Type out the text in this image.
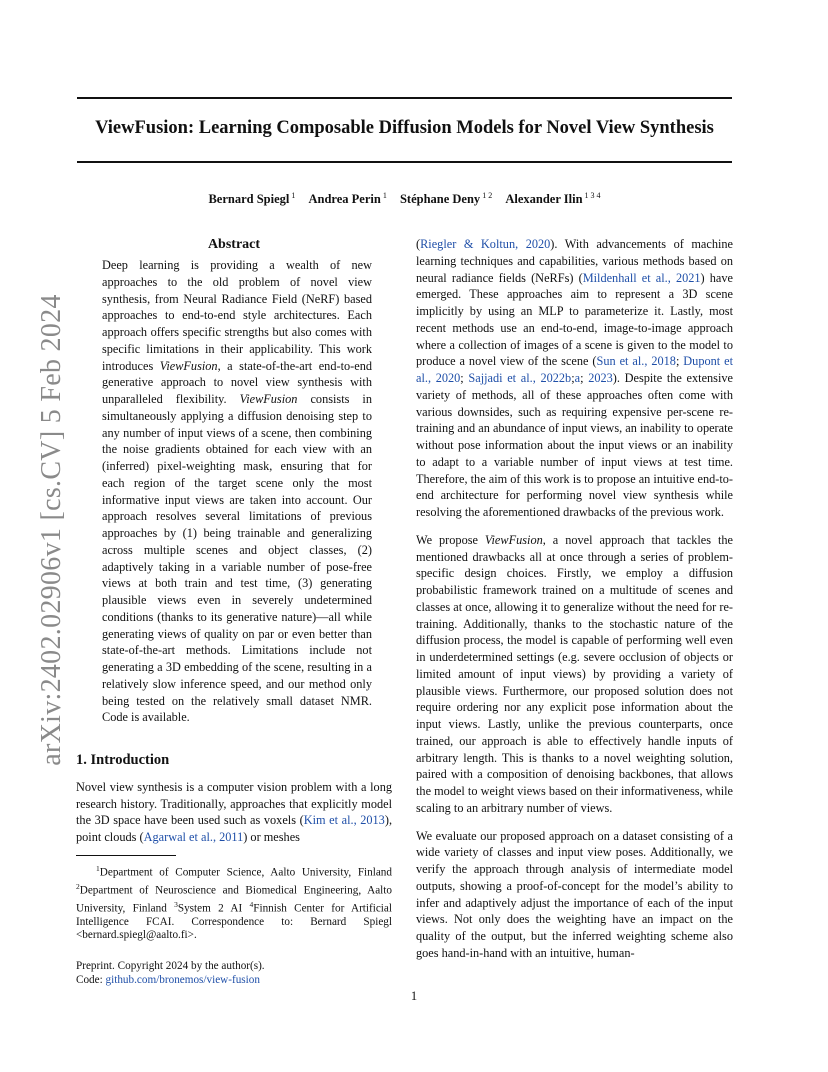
arXiv:2402.02906v1 [cs.CV] 5 Feb 2024
ViewFusion: Learning Composable Diffusion Models for Novel View Synthesis
Bernard Spiegl $^1$ Andrea Perin $^1$ Stéphane Deny $^{1 2}$ Alexander Ilin $^{1 3 4}$
Abstract

Deep learning is providing a wealth of new approaches to the old problem of novel view synthesis, from Neural Radiance Field (NeRF) based approaches to end-to-end style architectures. Each approach offers specific strengths but also comes with specific limitations in their applicability. This work introduces ViewFusion, a state-of-the-art end-to-end generative approach to novel view synthesis with unparalleled flexibility. ViewFusion consists in simultaneously applying a diffusion denoising step to any number of input views of a scene, then combining the noise gradients obtained for each view with an (inferred) pixel-weighting mask, ensuring that for each region of the target scene only the most informative input views are taken into account. Our approach resolves several limitations of previous approaches by (1) being trainable and generalizing across multiple scenes and object classes, (2) adaptively taking in a variable number of pose-free views at both train and test time, (3) generating plausible views even in severely undetermined conditions (thanks to its generative nature)—all while generating views of quality on par or even better than state-of-the-art methods. Limitations include not generating a 3D embedding of the scene, resulting in a relatively slow inference speed, and our method only being tested on the relatively small dataset NMR. Code is available.

1. Introduction

Novel view synthesis is a computer vision problem with a long research history. Traditionally, approaches that explicitly model the 3D space have been used such as voxels (Kim et al., 2013), point clouds (Agarwal et al., 2011) or meshes

$^1$Department of Computer Science, Aalto University, Finland $^2$Department of Neuroscience and Biomedical Engineering, Aalto University, Finland $^3$System 2 AI $^4$Finnish Center for Artificial Intelligence FCAI. Correspondence to: Bernard Spiegl <bernard.spiegl@aalto.fi>.

Preprint. Copyright 2024 by the author(s).
Code: github.com/bronemos/view-fusion

(Riegler & Koltun, 2020). With advancements of machine learning techniques and capabilities, various methods based on neural radiance fields (NeRFs) (Mildenhall et al., 2021) have emerged. These approaches aim to represent a 3D scene implicitly by using an MLP to parameterize it. Lastly, most recent methods use an end-to-end, image-to-image approach where a collection of images of a scene is given to the model to produce a novel view of the scene (Sun et al., 2018; Dupont et al., 2020; Sajjadi et al., 2022b;a; 2023). Despite the extensive variety of methods, all of these approaches often come with various downsides, such as requiring expensive per-scene re-training and an abundance of input views, an inability to operate without pose information about the input views or an inability to adapt to a variable number of input views at test time. Therefore, the aim of this work is to propose an intuitive end-to-end architecture for performing novel view synthesis while resolving the aforementioned drawbacks of the previous work.

We propose ViewFusion, a novel approach that tackles the mentioned drawbacks all at once through a series of problem-specific design choices. Firstly, we employ a diffusion probabilistic framework trained on a multitude of scenes and classes at once, allowing it to generalize without the need for re-training. Additionally, thanks to the stochastic nature of the diffusion process, the model is capable of performing well even in underdetermined settings (e.g. severe occlusion of objects or limited amount of input views) by providing a variety of plausible views. Furthermore, our proposed solution does not require ordering nor any explicit pose information about the input views. Lastly, unlike the previous counterparts, once trained, our approach is able to effectively handle inputs of arbitrary length. This is thanks to a novel weighting solution, paired with a composition of denoising backbones, that allows the model to weight views based on their informativeness, while scaling to an arbitrary number of views.

We evaluate our proposed approach on a dataset consisting of a wide variety of classes and input view poses. Additionally, we verify the approach through analysis of intermediate model outputs, showing a proof-of-concept for the model’s ability to infer and adaptively adjust the importance of each of the input views. Not only does the weighting have an impact on the quality of the output, but the inferred weighting scheme also goes hand-in-hand with an intuitive, human-

1
